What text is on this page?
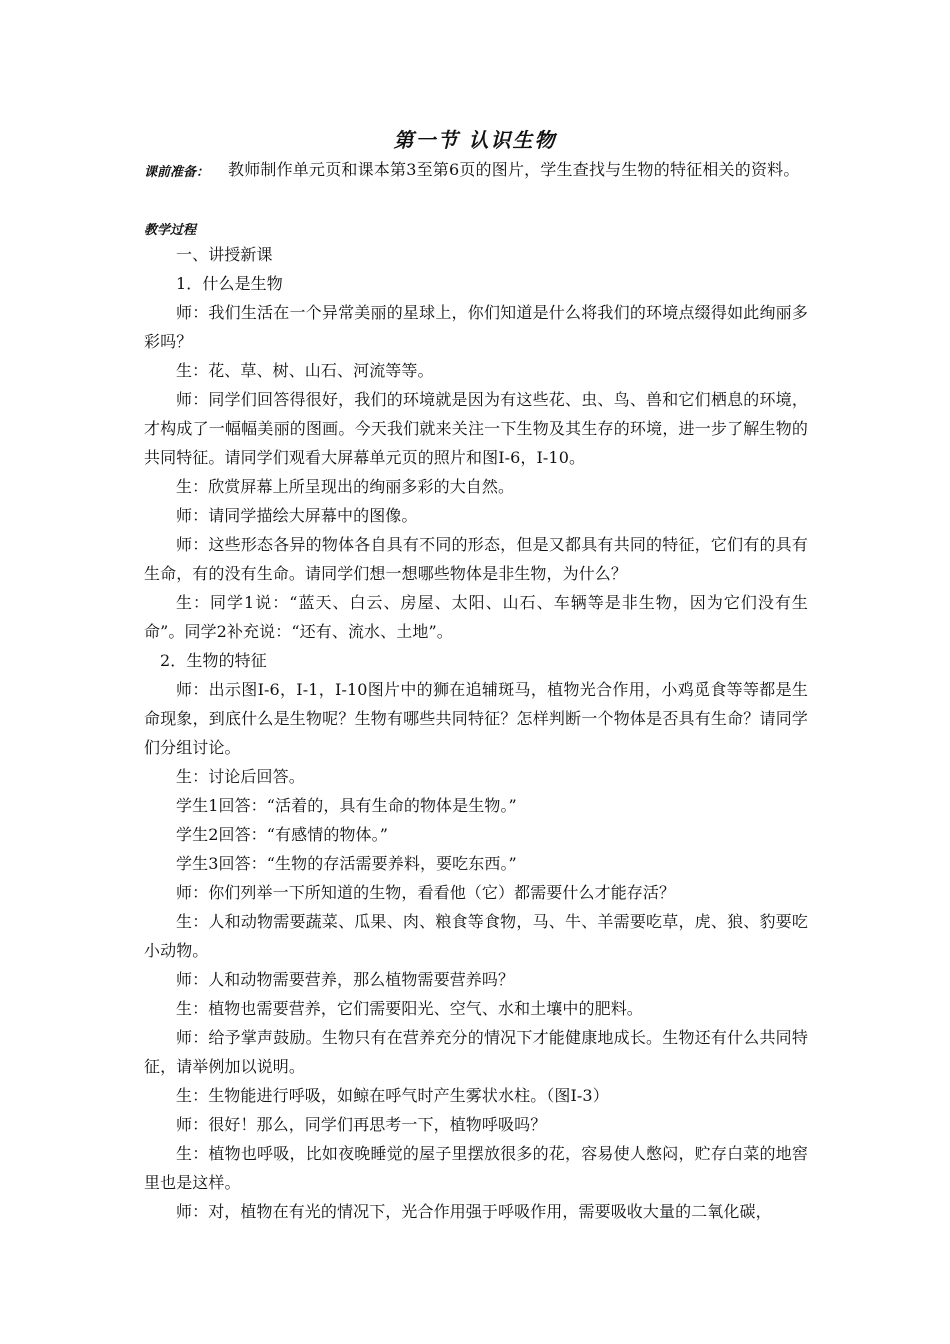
第一节 认识生物
课前准备： 教师制作单元页和课本第3至第6页的图片，学生查找与生物的特征相关的资料。
教学过程

一、讲授新课

1．什么是生物

师：我们生活在一个异常美丽的星球上，你们知道是什么将我们的环境点缀得如此绚丽多彩吗？

生：花、草、树、山石、河流等等。

师：同学们回答得很好，我们的环境就是因为有这些花、虫、鸟、兽和它们栖息的环境，才构成了一幅幅美丽的图画。今天我们就来关注一下生物及其生存的环境，进一步了解生物的共同特征。请同学们观看大屏幕单元页的照片和图I-6，I-10。

生：欣赏屏幕上所呈现出的绚丽多彩的大自然。

师：请同学描绘大屏幕中的图像。

师：这些形态各异的物体各自具有不同的形态，但是又都具有共同的特征，它们有的具有生命，有的没有生命。请同学们想一想哪些物体是非生物，为什么？

生：同学1说：“蓝天、白云、房屋、太阳、山石、车辆等是非生物，因为它们没有生命”。同学2补充说：“还有、流水、土地”。

2．生物的特征

师：出示图I-6，I-1，I-10图片中的狮在追辅斑马，植物光合作用，小鸡觅食等等都是生命现象，到底什么是生物呢？生物有哪些共同特征？怎样判断一个物体是否具有生命？请同学们分组讨论。

生：讨论后回答。

学生1回答：“活着的，具有生命的物体是生物。”

学生2回答：“有感情的物体。”

学生3回答：“生物的存活需要养料，要吃东西。”

师：你们列举一下所知道的生物，看看他（它）都需要什么才能存活？

生：人和动物需要蔬菜、瓜果、肉、粮食等食物，马、牛、羊需要吃草，虎、狼、豹要吃小动物。

师：人和动物需要营养，那么植物需要营养吗？

生：植物也需要营养，它们需要阳光、空气、水和土壤中的肥料。

师：给予掌声鼓励。生物只有在营养充分的情况下才能健康地成长。生物还有什么共同特征，请举例加以说明。

生：生物能进行呼吸，如鲸在呼气时产生雾状水柱。（图I-3）

师：很好！那么，同学们再思考一下，植物呼吸吗？

生：植物也呼吸，比如夜晚睡觉的屋子里摆放很多的花，容易使人憋闷，贮存白菜的地窖里也是这样。

师：对，植物在有光的情况下，光合作用强于呼吸作用，需要吸收大量的二氧化碳，
